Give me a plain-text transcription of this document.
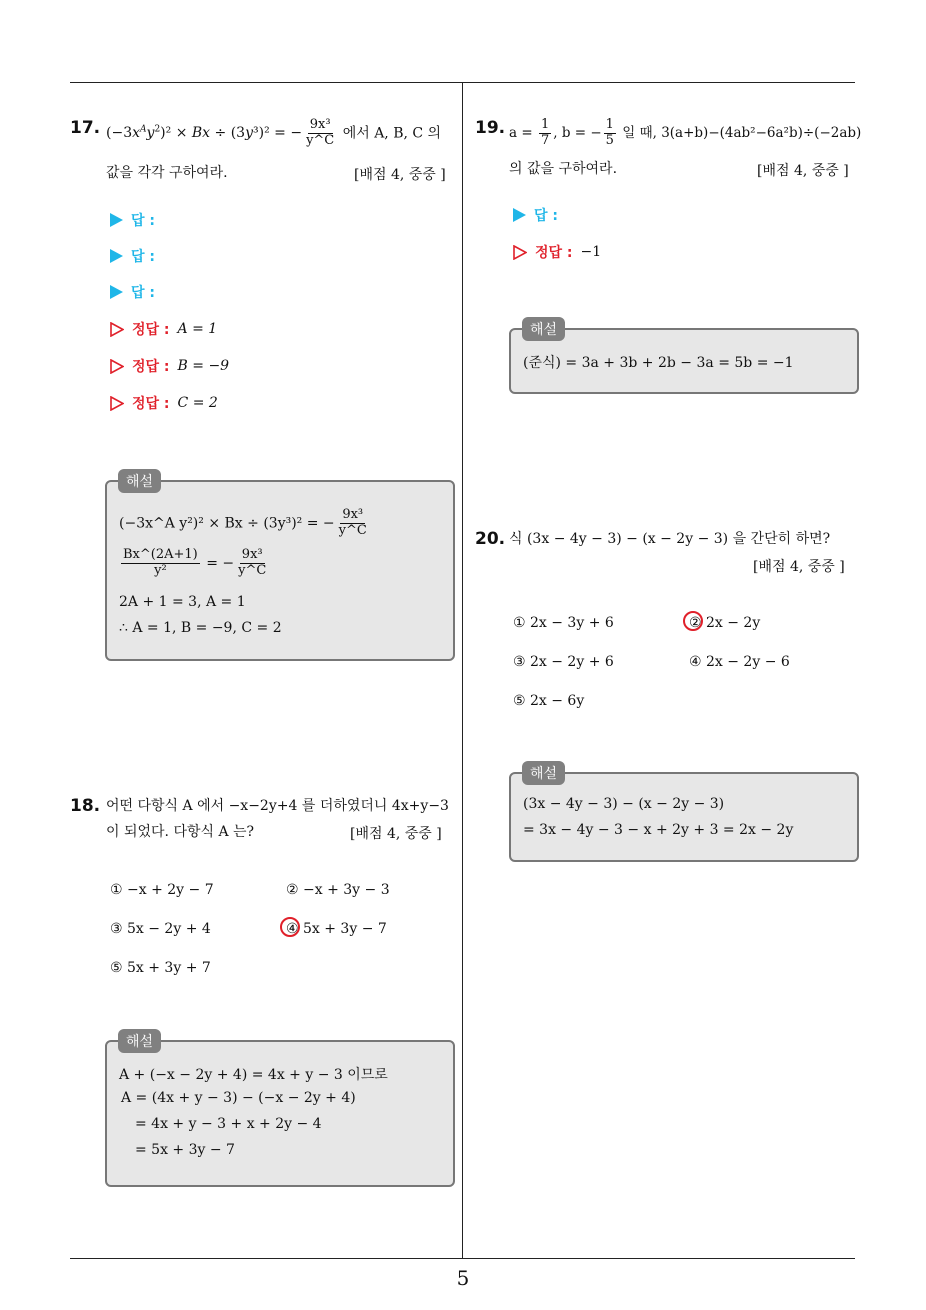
5
17. $(-3x^Ay^2)^2 \times Bx \div (3y^3)^2$ = − $\frac{\text{9x³}}{y\^{}C}$ 에서 A, B, C 의
값을 각각 구하여라.	[배점 4, 중중 ]
답 :
답 :
답 :
정답 : A = 1
정답 : B = −9
정답 : C = 2
(−3x^A y²)² × Bx ÷ (3y³)² = − $\frac{\text{9x³}}{y\^{}C}$
$\frac{Bx\^{}(2A+1)}{\text{y²}}$ = − $\frac{\text{9x³}}{y\^{}C}$
2A + 1 = 3, A = 1
∴ A = 1, B = −9, C = 2
해설
18. 어떤 다항식 A 에서 −x−2y+4 를 더하였더니 4x+y−3
이 되었다. 다항식 A 는?	[배점 4, 중중 ]
① −x + 2y − 7	② −x + 3y − 3
③ 5x − 2y + 4	④ 5x + 3y − 7
⑤ 5x + 3y + 7
A + (−x − 2y + 4) = 4x + y − 3 이므로
A = (4x + y − 3) − (−x − 2y + 4)
= 4x + y − 3 + x + 2y − 4
= 5x + 3y − 7
해설
19. $a = \frac{1}{7}$ , b = − $\frac{1}{5}$ 일 때, 3(a+b)−(4ab²−6a²b)÷(−2ab)
의 값을 구하여라.	[배점 4, 중중 ]
답 :
정답 : −1
(준식) = 3a + 3b + 2b − 3a = 5b = −1
해설
20. 식 (3x − 4y − 3) − (x − 2y − 3) 을 간단히 하면?
[배점 4, 중중 ]
① 2x − 3y + 6	② 2x − 2y
③ 2x − 2y + 6	④ 2x − 2y − 6
⑤ 2x − 6y
(3x − 4y − 3) − (x − 2y − 3)
= 3x − 4y − 3 − x + 2y + 3 = 2x − 2y
해설
